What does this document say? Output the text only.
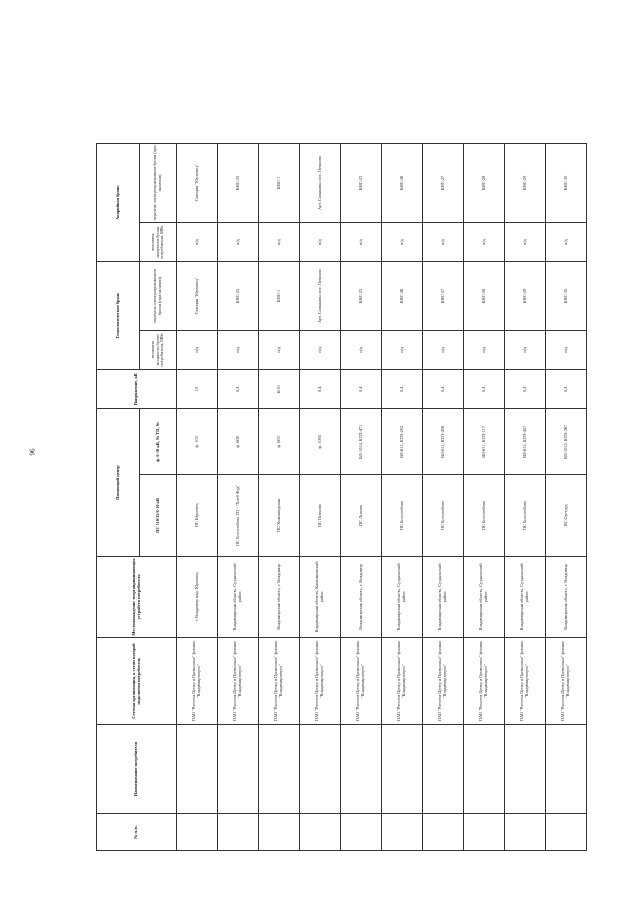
96
№ п./п.	Наименование потребителя	Сетевая организация, к сетям которой подключен потребитель	Местонахождение энергопринимающих устройств потребителя	Питающий центр		Напряжение, кВ	Технологическая бронь		Аварийная бронь	
				ПС 110/35/6-10 кВ	ф. 6-10 кВ, № ТП, №		величина мощности брони потребителя, МВт	перечень электроприемников брони (при наличии)	величина мощности брони потребителя, МВт	перечень электроприемников брони (при наличии)
		ПАО "Россети Центр и Приволжье" филиал "Владимирэнерго"	г. Владимир мкр. Юрьевец	ПС Юрьевец	ф. 103	10	н/д	Станция "Юрьевец"	н/д	Станция "Юрьевец"
		ПАО "Россети Центр и Приволжье" филиал "Владимирэнерго"	Владимирская область, Суздальский район	ПС Боголюбово ТП - "Хлеб Фуд"	ф. 608	0,4	н/д	КНС-25	н/д	КНС-25
		ПАО "Россети Центр и Приволжье" филиал "Владимирэнерго"	Владимирская область, г. Владимир	ПС Химзаводская	ф. 603	6/10	н/д	КНС-1	н/д	КНС-1
		ПАО "Россети Центр и Приволжье" филиал "Владимирэнерго"	Владимирская область, Камешковский район	ПС Пенкино	ф. 1005	0,4	н/д	Арт. Скважины пос. Пенкино	н/д	Арт. Скважины пос. Пенкино
		ПАО "Россети Центр и Приволжье" филиал "Владимирэнерго"	Владимирская область, г. Владимир	ПС Лыково	ВЛ-1014, КТП-471	0,4	н/д	КНС-23	н/д	КНС-23
		ПАО "Россети Центр и Приволжье" филиал "Владимирэнерго"	Владимирская область, Суздальский район	ПС Боголюбово	ВЛ-615, КТП-202	0,4	н/д	КНС-26	н/д	КНС-26
		ПАО "Россети Центр и Приволжье" филиал "Владимирэнерго"	Владимирская область, Суздальский район	ПС Боголюбово	ВЛ-611, КТП-458	0,4	н/д	КНС-27	н/д	КНС-27
		ПАО "Россети Центр и Приволжье" филиал "Владимирэнерго"	Владимирская область, Суздальский район	ПС Боголюбово	ВЛ-611, КТП-117	0,4	н/д	КНС-28	н/д	КНС-28
		ПАО "Россети Центр и Приволжье" филиал "Владимирэнерго"	Владимирская область, Суздальский район	ПС Боголюбово	ВЛ-615, КТП-457	0,4	н/д	КНС-29	н/д	КНС-29
		ПАО "Россети Центр и Приволжье" филиал "Владимирэнерго"	Владимирская область, г. Владимир	ПС Оргтруд	ВЛ-1012, КТП-367	0,4	н/д	КНС-30	н/д	КНС-30
